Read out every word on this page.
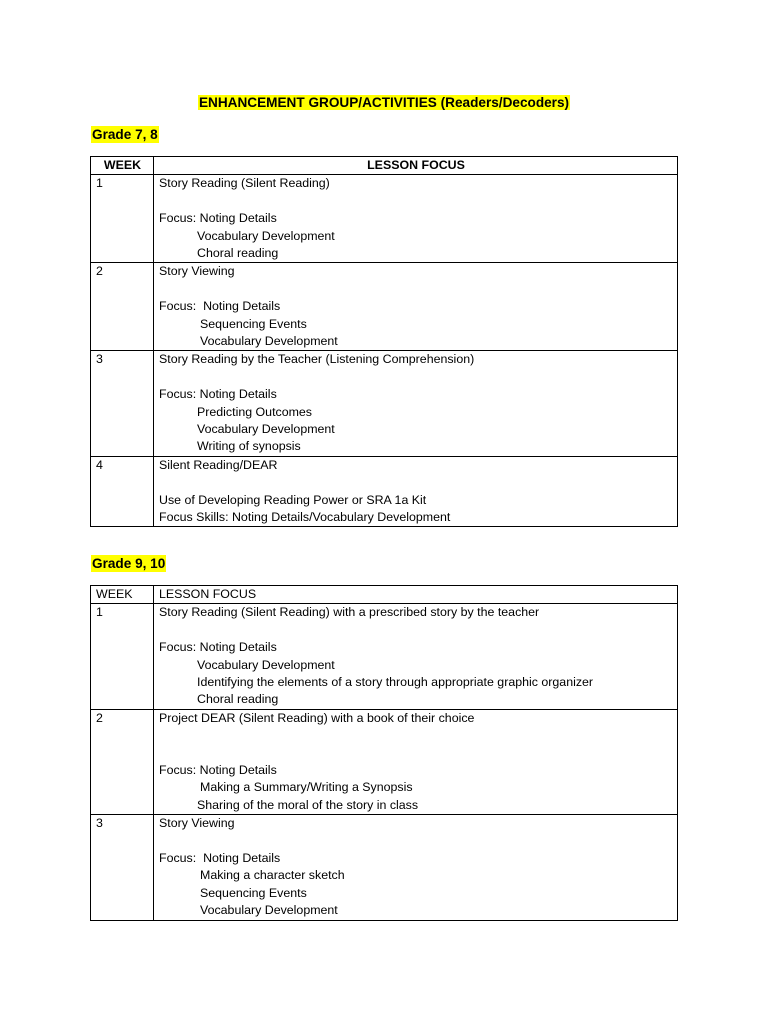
ENHANCEMENT GROUP/ACTIVITIES (Readers/Decoders)
Grade 7, 8
WEEK	LESSON FOCUS
1	Story Reading (Silent Reading)
Focus: Noting Details
Vocabulary Development
Choral reading

2	Story Viewing
Focus:  Noting Details
Sequencing Events
Vocabulary Development

3	Story Reading by the Teacher (Listening Comprehension)
Focus: Noting Details
Predicting Outcomes
Vocabulary Development
Writing of synopsis

4	Silent Reading/DEAR
Use of Developing Reading Power or SRA 1a Kit
Focus Skills: Noting Details/Vocabulary Development
Grade 9, 10
WEEK	LESSON FOCUS
1	Story Reading (Silent Reading) with a prescribed story by the teacher
Focus: Noting Details
Vocabulary Development
Identifying the elements of a story through appropriate graphic organizer
Choral reading

2	Project DEAR (Silent Reading) with a book of their choice
Focus: Noting Details
Making a Summary/Writing a Synopsis
Sharing of the moral of the story in class

3	Story Viewing
Focus:  Noting Details
Making a character sketch
Sequencing Events
Vocabulary Development
